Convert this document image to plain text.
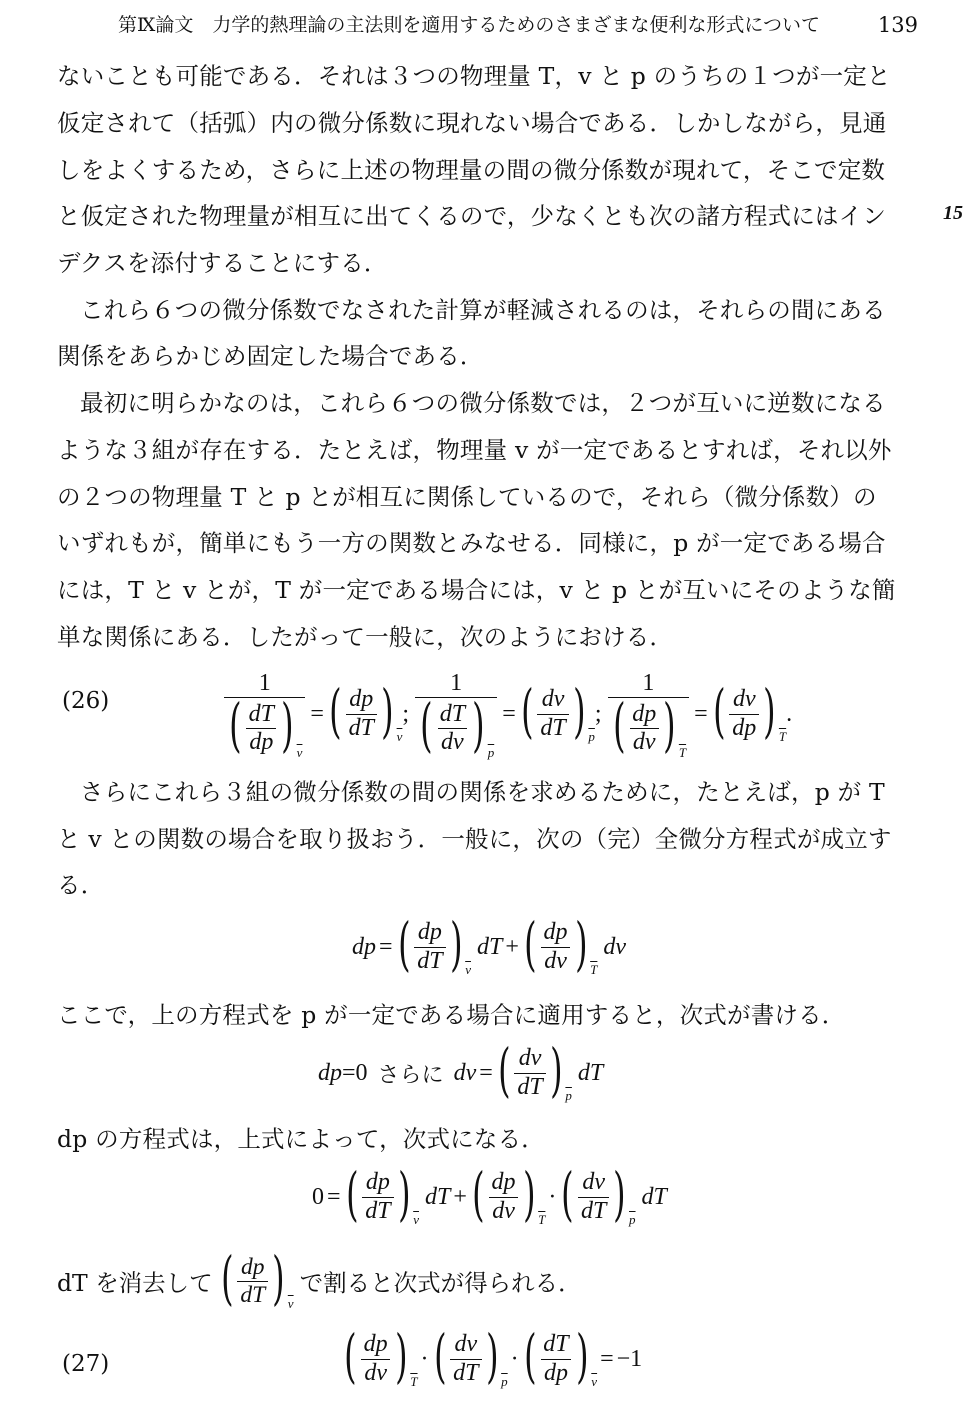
第Ⅸ論文　力学的熱理論の主法則を適用するためのさまざまな便利な形式について	139
15
ないことも可能である．それは３つの物理量 T，v と p のうちの１つが一定と
仮定されて（括弧）内の微分係数に現れない場合である．しかしながら，見通
しをよくするため，さらに上述の物理量の間の微分係数が現れて，そこで定数
と仮定された物理量が相互に出てくるので，少なくとも次の諸方程式にはイン
デクスを添付することにする．
これら６つの微分係数でなされた計算が軽減されるのは，それらの間にある
関係をあらかじめ固定した場合である．
最初に明らかなのは，これら６つの微分係数では，２つが互いに逆数になる
ような３組が存在する．たとえば，物理量 v が一定であるとすれば，それ以外
の２つの物理量 T と p とが相互に関係しているので，それら（微分係数）の
いずれもが，簡単にもう一方の関数とみなせる．同様に，p が一定である場合
には，T と v とが，T が一定である場合には，v と p とが互いにそのような簡
単な関係にある．したがって一般に，次のようにおける．
(26)	$\frac{1}{( \frac{dT}{dp} ) \overline{v}}$ = ( $\frac{dp}{dT}$ ) $\overline{v}$
; $\frac{1}{( \frac{dT}{dv} ) \overline{p}}$ = ( $\frac{dv}{dT}$ ) $\overline{p}$
; $\frac{1}{( \frac{dp}{dv} ) \overline{T}}$ = ( $\frac{dv}{dp}$ ) $\overline{T}$
.
さらにこれら３組の微分係数の間の関係を求めるために，たとえば，p が T
と v との関数の場合を取り扱おう．一般に，次の（完）全微分方程式が成立す
る．
dp = ( $\frac{dp}{dT}$ ) $\overline{v}$
dT + ( $\frac{dp}{dv}$ ) $\overline{T}$
dv
ここで，上の方程式を p が一定である場合に適用すると，次式が書ける．
dp =0 さらに dv = ( $\frac{dv}{dT}$ ) $\overline{p}$
dT
dp の方程式は，上式によって，次式になる．
0 = ( $\frac{dp}{dT}$ ) $\overline{v}$
dT + ( $\frac{dp}{dv}$ ) $\overline{T}$
· ( $\frac{dv}{dT}$ ) $\overline{p}$
dT
dT を消去して ( $\frac{dp}{dT}$ ) $\overline{v}$
で割ると次式が得られる．
(27)	( $\frac{dp}{dv}$ ) $\overline{T}$
· ( $\frac{dv}{dT}$ ) $\overline{p}$
· ( $\frac{dT}{dp}$ ) $\overline{v}$
= −1
